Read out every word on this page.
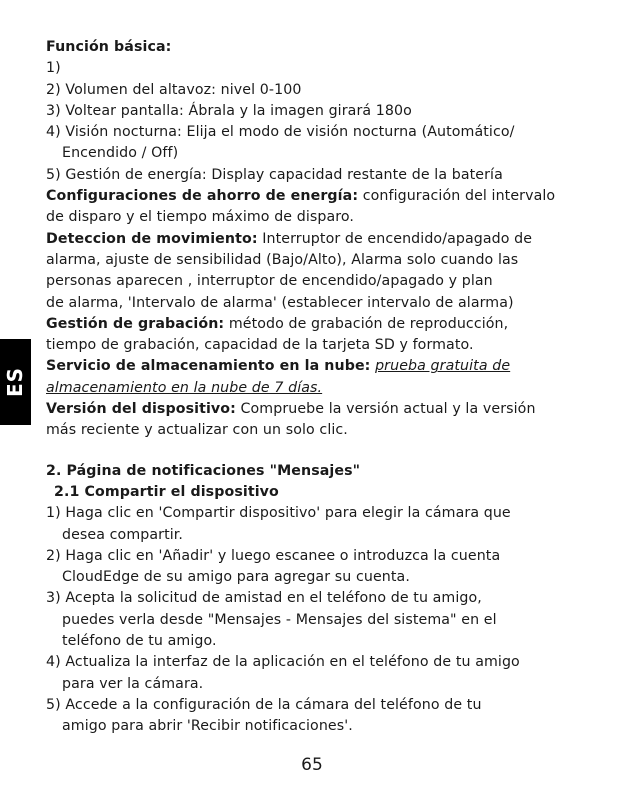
ES
Función básica:
1)
2) Volumen del altavoz: nivel 0-100
3) Voltear pantalla: Ábrala y la imagen girará 180o
4) Visión nocturna: Elija el modo de visión nocturna (Automático/
Encendido / Off)
5) Gestión de energía: Display capacidad restante de la batería
Configuraciones de ahorro de energía: configuración del intervalo
de disparo y el tiempo máximo de disparo.
Deteccion de movimiento: Interruptor de encendido/apagado de
alarma, ajuste de sensibilidad (Bajo/Alto), Alarma solo cuando las
personas aparecen , interruptor de encendido/apagado y plan
de alarma, 'Intervalo de alarma' (establecer intervalo de alarma)
Gestión de grabación: método de grabación de reproducción,
tiempo de grabación, capacidad de la tarjeta SD y formato.
Servicio de almacenamiento en la nube: prueba gratuita de
almacenamiento en la nube de 7 días.
Versión del dispositivo: Compruebe la versión actual y la versión
más reciente y actualizar con un solo clic.
2. Página de notificaciones "Mensajes"
2.1 Compartir el dispositivo
1) Haga clic en 'Compartir dispositivo' para elegir la cámara que
desea compartir.
2) Haga clic en 'Añadir' y luego escanee o introduzca la cuenta
CloudEdge de su amigo para agregar su cuenta.
3) Acepta la solicitud de amistad en el teléfono de tu amigo,
puedes verla desde "Mensajes - Mensajes del sistema" en el
teléfono de tu amigo.
4) Actualiza la interfaz de la aplicación en el teléfono de tu amigo
para ver la cámara.
5) Accede a la configuración de la cámara del teléfono de tu
amigo para abrir 'Recibir notificaciones'.
65
